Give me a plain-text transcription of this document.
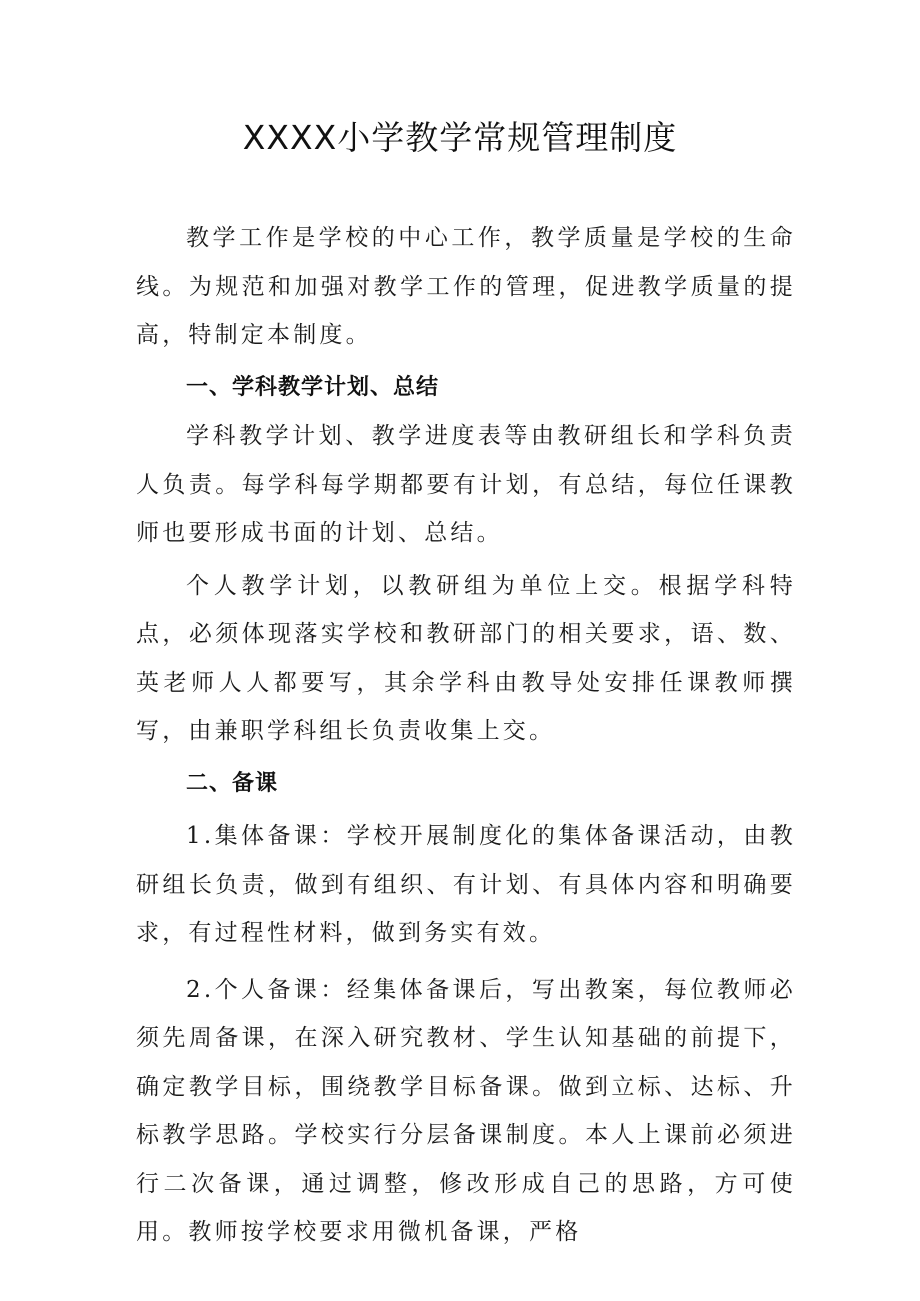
XXXX小学教学常规管理制度

教学工作是学校的中心工作，教学质量是学校的生命线。为规范和加强对教学工作的管理，促进教学质量的提高，特制定本制度。

一、学科教学计划、总结

学科教学计划、教学进度表等由教研组长和学科负责人负责。每学科每学期都要有计划，有总结，每位任课教师也要形成书面的计划、总结。

个人教学计划，以教研组为单位上交。根据学科特点，必须体现落实学校和教研部门的相关要求，语、数、英老师人人都要写，其余学科由教导处安排任课教师撰写，由兼职学科组长负责收集上交。

二、备课

1.集体备课：学校开展制度化的集体备课活动，由教研组长负责，做到有组织、有计划、有具体内容和明确要求，有过程性材料，做到务实有效。

2.个人备课：经集体备课后，写出教案，每位教师必须先周备课，在深入研究教材、学生认知基础的前提下，确定教学目标，围绕教学目标备课。做到立标、达标、升标教学思路。学校实行分层备课制度。本人上课前必须进行二次备课，通过调整，修改形成自己的思路，方可使用。教师按学校要求用微机备课，严格
